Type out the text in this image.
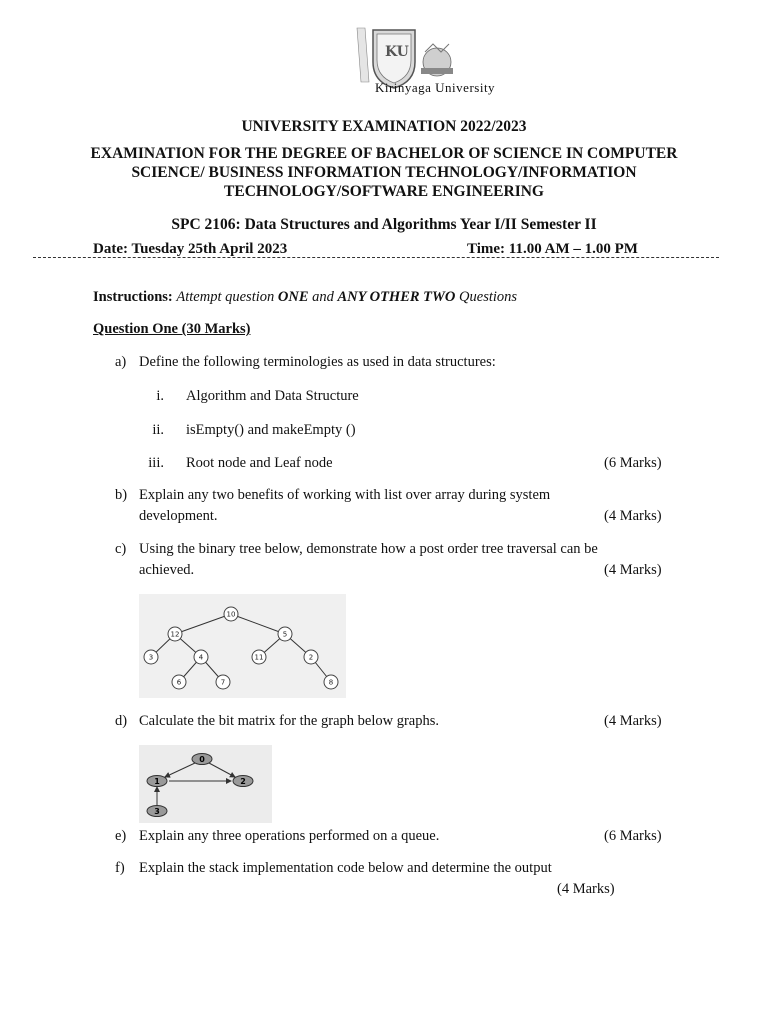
KU
Kirinyaga University
UNIVERSITY EXAMINATION 2022/2023
EXAMINATION FOR THE DEGREE OF BACHELOR OF SCIENCE IN COMPUTER
SCIENCE/ BUSINESS INFORMATION TECHNOLOGY/INFORMATION
TECHNOLOGY/SOFTWARE ENGINEERING
SPC 2106: Data Structures and Algorithms Year I/II Semester II
Date: Tuesday 25th April 2023	Time: 11.00 AM – 1.00 PM
Instructions: Attempt question ONE and ANY OTHER TWO Questions
Question One (30 Marks)
a) Define the following terminologies as used in data structures:
i. Algorithm and Data Structure
ii. isEmpty() and makeEmpty ()
iii. Root node and Leaf node	(6 Marks)
b) Explain any two benefits of working with list over array during system
development.	(4 Marks)
c) Using the binary tree below, demonstrate how a post order tree traversal can be
achieved.	(4 Marks)
10
12	5
3	4	11	2
6	7	8
d) Calculate the bit matrix for the graph below graphs.	(4 Marks)
0
1	2
3
e) Explain any three operations performed on a queue.	(6 Marks)
f) Explain the stack implementation code below and determine the output
(4 Marks)
